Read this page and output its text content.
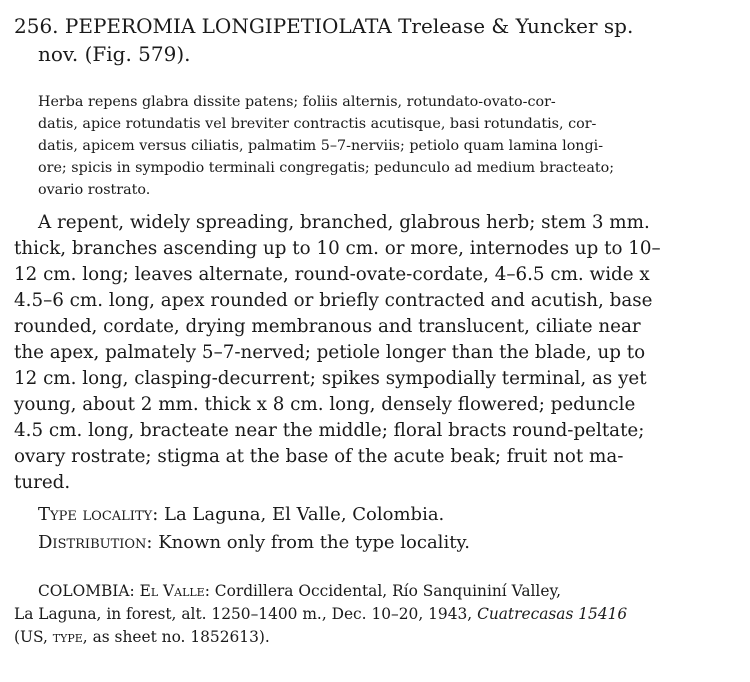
256. PEPEROMIA LONGIPETIOLATA Trelease & Yuncker sp.

nov. (Fig. 579).

Herba repens glabra dissite patens; foliis alternis, rotundato-ovato-cor-

datis, apice rotundatis vel breviter contractis acutisque, basi rotundatis, cor-

datis, apicem versus ciliatis, palmatim 5–7-nerviis; petiolo quam lamina longi-

ore; spicis in sympodio terminali congregatis; pedunculo ad medium bracteato;

ovario rostrato.

A repent, widely spreading, branched, glabrous herb; stem 3 mm.

thick, branches ascending up to 10 cm. or more, internodes up to 10–

12 cm. long; leaves alternate, round-ovate-cordate, 4–6.5 cm. wide x

4.5–6 cm. long, apex rounded or briefly contracted and acutish, base

rounded, cordate, drying membranous and translucent, ciliate near

the apex, palmately 5–7-nerved; petiole longer than the blade, up to

12 cm. long, clasping-decurrent; spikes sympodially terminal, as yet

young, about 2 mm. thick x 8 cm. long, densely flowered; peduncle

4.5 cm. long, bracteate near the middle; floral bracts round-peltate;

ovary rostrate; stigma at the base of the acute beak; fruit not ma-

tured.

Type locality: La Laguna, El Valle, Colombia.

Distribution: Known only from the type locality.

COLOMBIA: El Valle: Cordillera Occidental, Río Sanquininí Valley,

La Laguna, in forest, alt. 1250–1400 m., Dec. 10–20, 1943, Cuatrecasas 15416

(US, type, as sheet no. 1852613).
